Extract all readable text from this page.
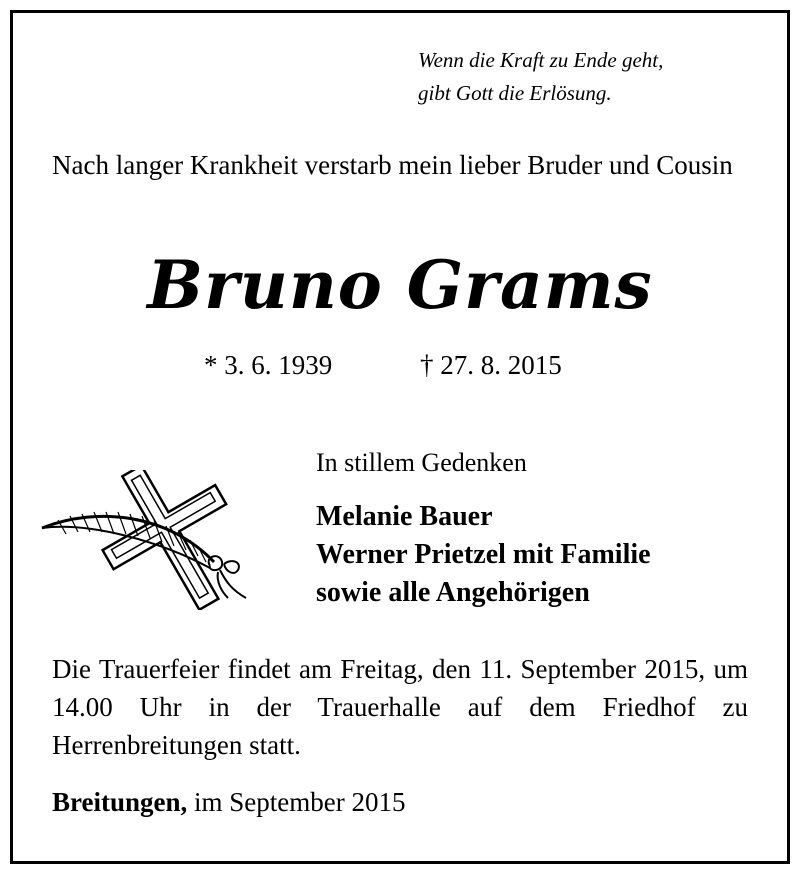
Wenn die Kraft zu Ende geht,
gibt Gott die Erlösung.
Nach langer Krankheit verstarb mein lieber Bruder und Cousin
Bruno Grams
* 3. 6. 1939	† 27. 8. 2015
In stillem Gedenken
Melanie Bauer
Werner Prietzel mit Familie
sowie alle Angehörigen
Die Trauerfeier findet am Freitag, den 11. September 2015, um 14.00 Uhr in der Trauerhalle auf dem Friedhof zu Herrenbreitungen statt.
Breitungen, im September 2015
